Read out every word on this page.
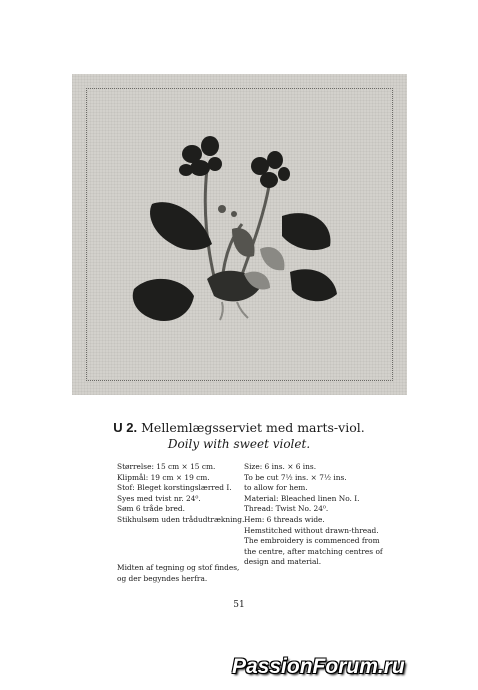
U 2. Mellemlægsserviet med marts-viol.
Doily with sweet violet.
Størrelse: 15 cm × 15 cm.
Klipmål: 19 cm × 19 cm.
Stof: Bleget korstingslærred I.
Syes med tvist nr. 24⁰.
Søm 6 tråde bred.
Stikhulsøm uden trådudtrækning.
Midten af tegning og stof findes,
og der begyndes herfra.
Size: 6 ins. × 6 ins.
To be cut 7½ ins. × 7½ ins.
to allow for hem.
Material: Bleached linen No. I.
Thread: Twist No. 24⁰.
Hem: 6 threads wide.
Hemstitched without drawn-thread.
The embroidery is commenced from
the centre, after matching centres of
design and material.
51
PassionForum.ru
